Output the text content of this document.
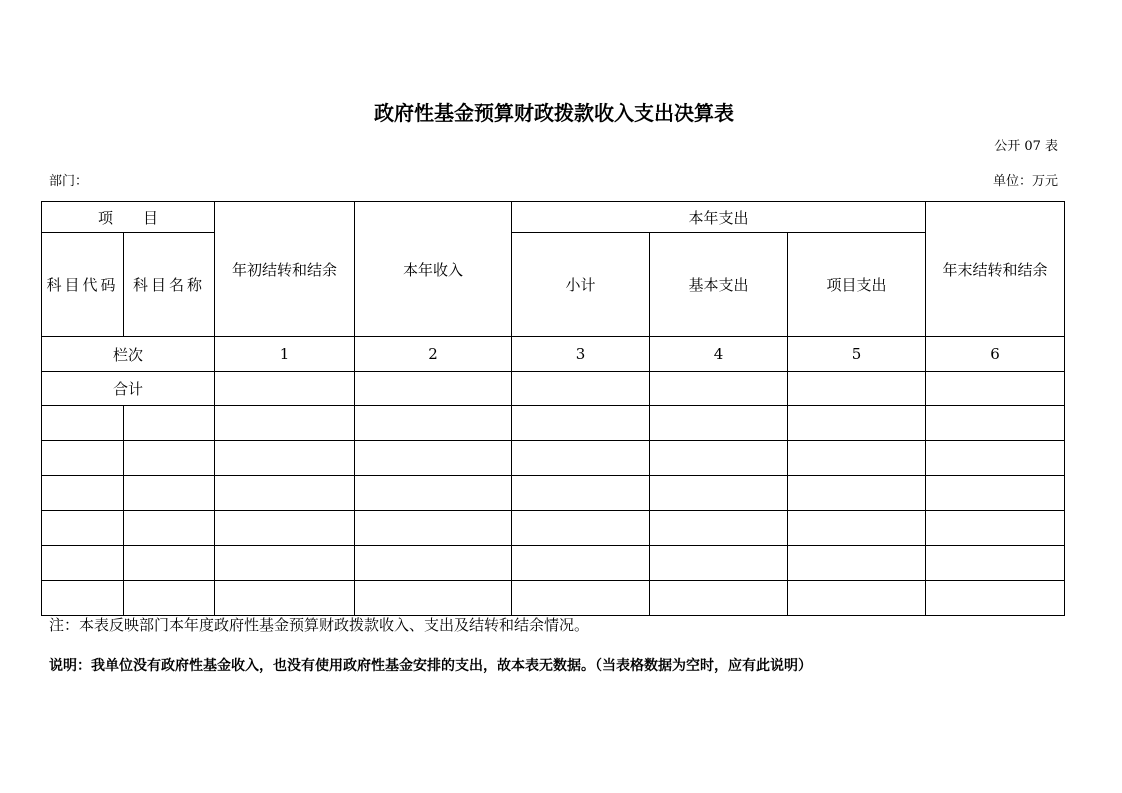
政府性基金预算财政拨款收入支出决算表
公开 07 表
部门：	单位：万元
项 目		年初结转和结余	本年收入	本年支出			年末结转和结余
科目代码	科目名称			小计	基本支出	项目支出	
栏次		1	2	3	4	5	6
合计							

注：本表反映部门本年度政府性基金预算财政拨款收入、支出及结转和结余情况。
说明：我单位没有政府性基金收入，也没有使用政府性基金安排的支出，故本表无数据。（当表格数据为空时，应有此说明）
